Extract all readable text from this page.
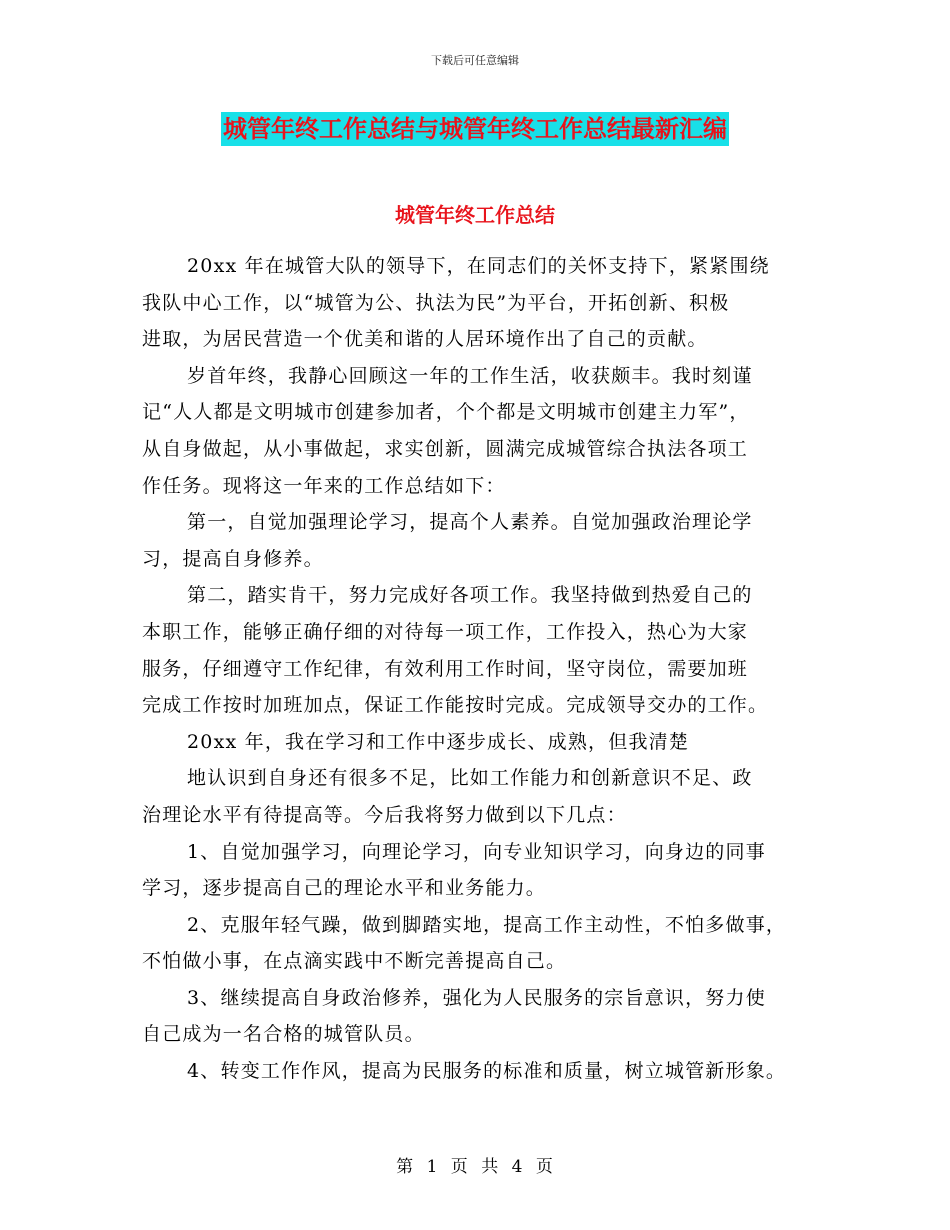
下载后可任意编辑
城管年终工作总结与城管年终工作总结最新汇编
城管年终工作总结
20xx 年在城管大队的领导下，在同志们的关怀支持下，紧紧围绕
我队中心工作，以“城管为公、执法为民”为平台，开拓创新、积极
进取，为居民营造一个优美和谐的人居环境作出了自己的贡献。
岁首年终，我静心回顾这一年的工作生活，收获颇丰。我时刻谨
记“人人都是文明城市创建参加者，个个都是文明城市创建主力军”，
从自身做起，从小事做起，求实创新，圆满完成城管综合执法各项工
作任务。现将这一年来的工作总结如下：
第一，自觉加强理论学习，提高个人素养。自觉加强政治理论学
习，提高自身修养。
第二，踏实肯干，努力完成好各项工作。我坚持做到热爱自己的
本职工作，能够正确仔细的对待每一项工作，工作投入，热心为大家
服务，仔细遵守工作纪律，有效利用工作时间，坚守岗位，需要加班
完成工作按时加班加点，保证工作能按时完成。完成领导交办的工作。
20xx 年，我在学习和工作中逐步成长、成熟，但我清楚
地认识到自身还有很多不足，比如工作能力和创新意识不足、政
治理论水平有待提高等。今后我将努力做到以下几点：
1、自觉加强学习，向理论学习，向专业知识学习，向身边的同事
学习，逐步提高自己的理论水平和业务能力。
2、克服年轻气躁，做到脚踏实地，提高工作主动性，不怕多做事，
不怕做小事，在点滴实践中不断完善提高自己。
3、继续提高自身政治修养，强化为人民服务的宗旨意识，努力使
自己成为一名合格的城管队员。
4、转变工作作风，提高为民服务的标准和质量，树立城管新形象。
第 1 页 共 4 页
